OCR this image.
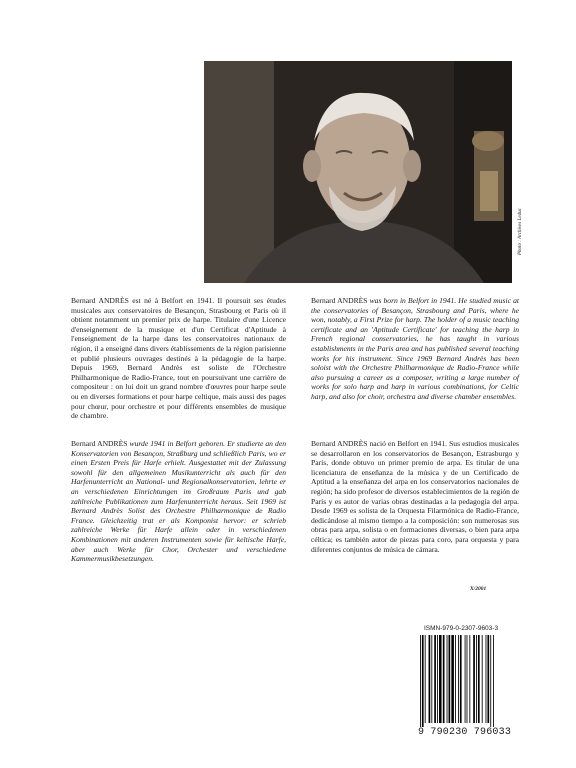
Photo : Archives Leduc

Bernard ANDRÈS est né à Belfort en 1941. Il poursuit ses études musicales aux conservatoires de Besançon, Strasbourg et Paris où il obtient notamment un premier prix de harpe. Titulaire d'une Licence d'enseignement de la musique et d'un Certificat d'Aptitude à l'enseignement de la harpe dans les conservatoires nationaux de région, il a enseigné dans divers établissements de la région parisienne et publié plusieurs ouvrages destinés à la pédagogie de la harpe. Depuis 1969, Bernard Andrès est soliste de l'Orchestre Philharmonique de Radio-France, tout en poursuivant une carrière de compositeur : on lui doit un grand nombre d'œuvres pour harpe seule ou en diverses formations et pour harpe celtique, mais aussi des pages pour chœur, pour orchestre et pour différents ensembles de musique de chambre.

Bernard ANDRÈS was born in Belfort in 1941. He studied music at the conservatories of Besançon, Strasbourg and Paris, where he won, notably, a First Prize for harp. The holder of a music teaching certificate and an 'Aptitude Certificate' for teaching the harp in French regional conservatories, he has taught in various establishments in the Paris area and has published several teaching works for his instrument. Since 1969 Bernard Andrès has been soloist with the Orchestre Philharmonique de Radio-France while also pursuing a career as a composer, writing a large number of works for solo harp and harp in various combinations, for Celtic harp, and also for choir, orchestra and diverse chamber ensembles.

Bernard ANDRÈS wurde 1941 in Belfort geboren. Er studierte an den Konservatorien von Besançon, Straßburg und schließlich Paris, wo er einen Ersten Preis für Harfe erhielt. Ausgestattet mit der Zulassung sowohl für den allgemeinen Musikunterricht als auch für den Harfenunterricht an National- und Regionalkonservatorien, lehrte er an verschiedenen Einrichtungen im Großraum Paris und gab zahlreiche Publikationen zum Harfenunterricht heraus. Seit 1969 ist Bernard Andrès Solist des Orchestre Philharmonique de Radio France. Gleichzeitig trat er als Komponist hervor: er schrieb zahlreiche Werke für Harfe allein oder in verschiedenen Kombinationen mit anderen Instrumenten sowie für keltische Harfe, aber auch Werke für Chor, Orchester und verschiedene Kammermusikbesetzungen.

Bernard ANDRÈS nació en Belfort en 1941. Sus estudios musicales se desarrollaron en los conservatorios de Besançon, Estrasburgo y París, donde obtuvo un primer premio de arpa. Es titular de una licenciatura de enseñanza de la música y de un Certificado de Aptitud a la enseñanza del arpa en los conservatorios nacionales de región; ha sido profesor de diversos establecimientos de la región de París y es autor de varias obras destinadas a la pedagogía del arpa. Desde 1969 es solista de la Orquesta Filarmónica de Radio-France, dedicándose al mismo tiempo a la composición: son numerosas sus obras para arpa, solista o en formaciones diversas, o bien para arpa céltica; es también autor de piezas para coro, para orquesta y para diferentes conjuntos de música de cámara.

X/2001
ISMN-979-0-2307-9603-3
9 790230 796033
